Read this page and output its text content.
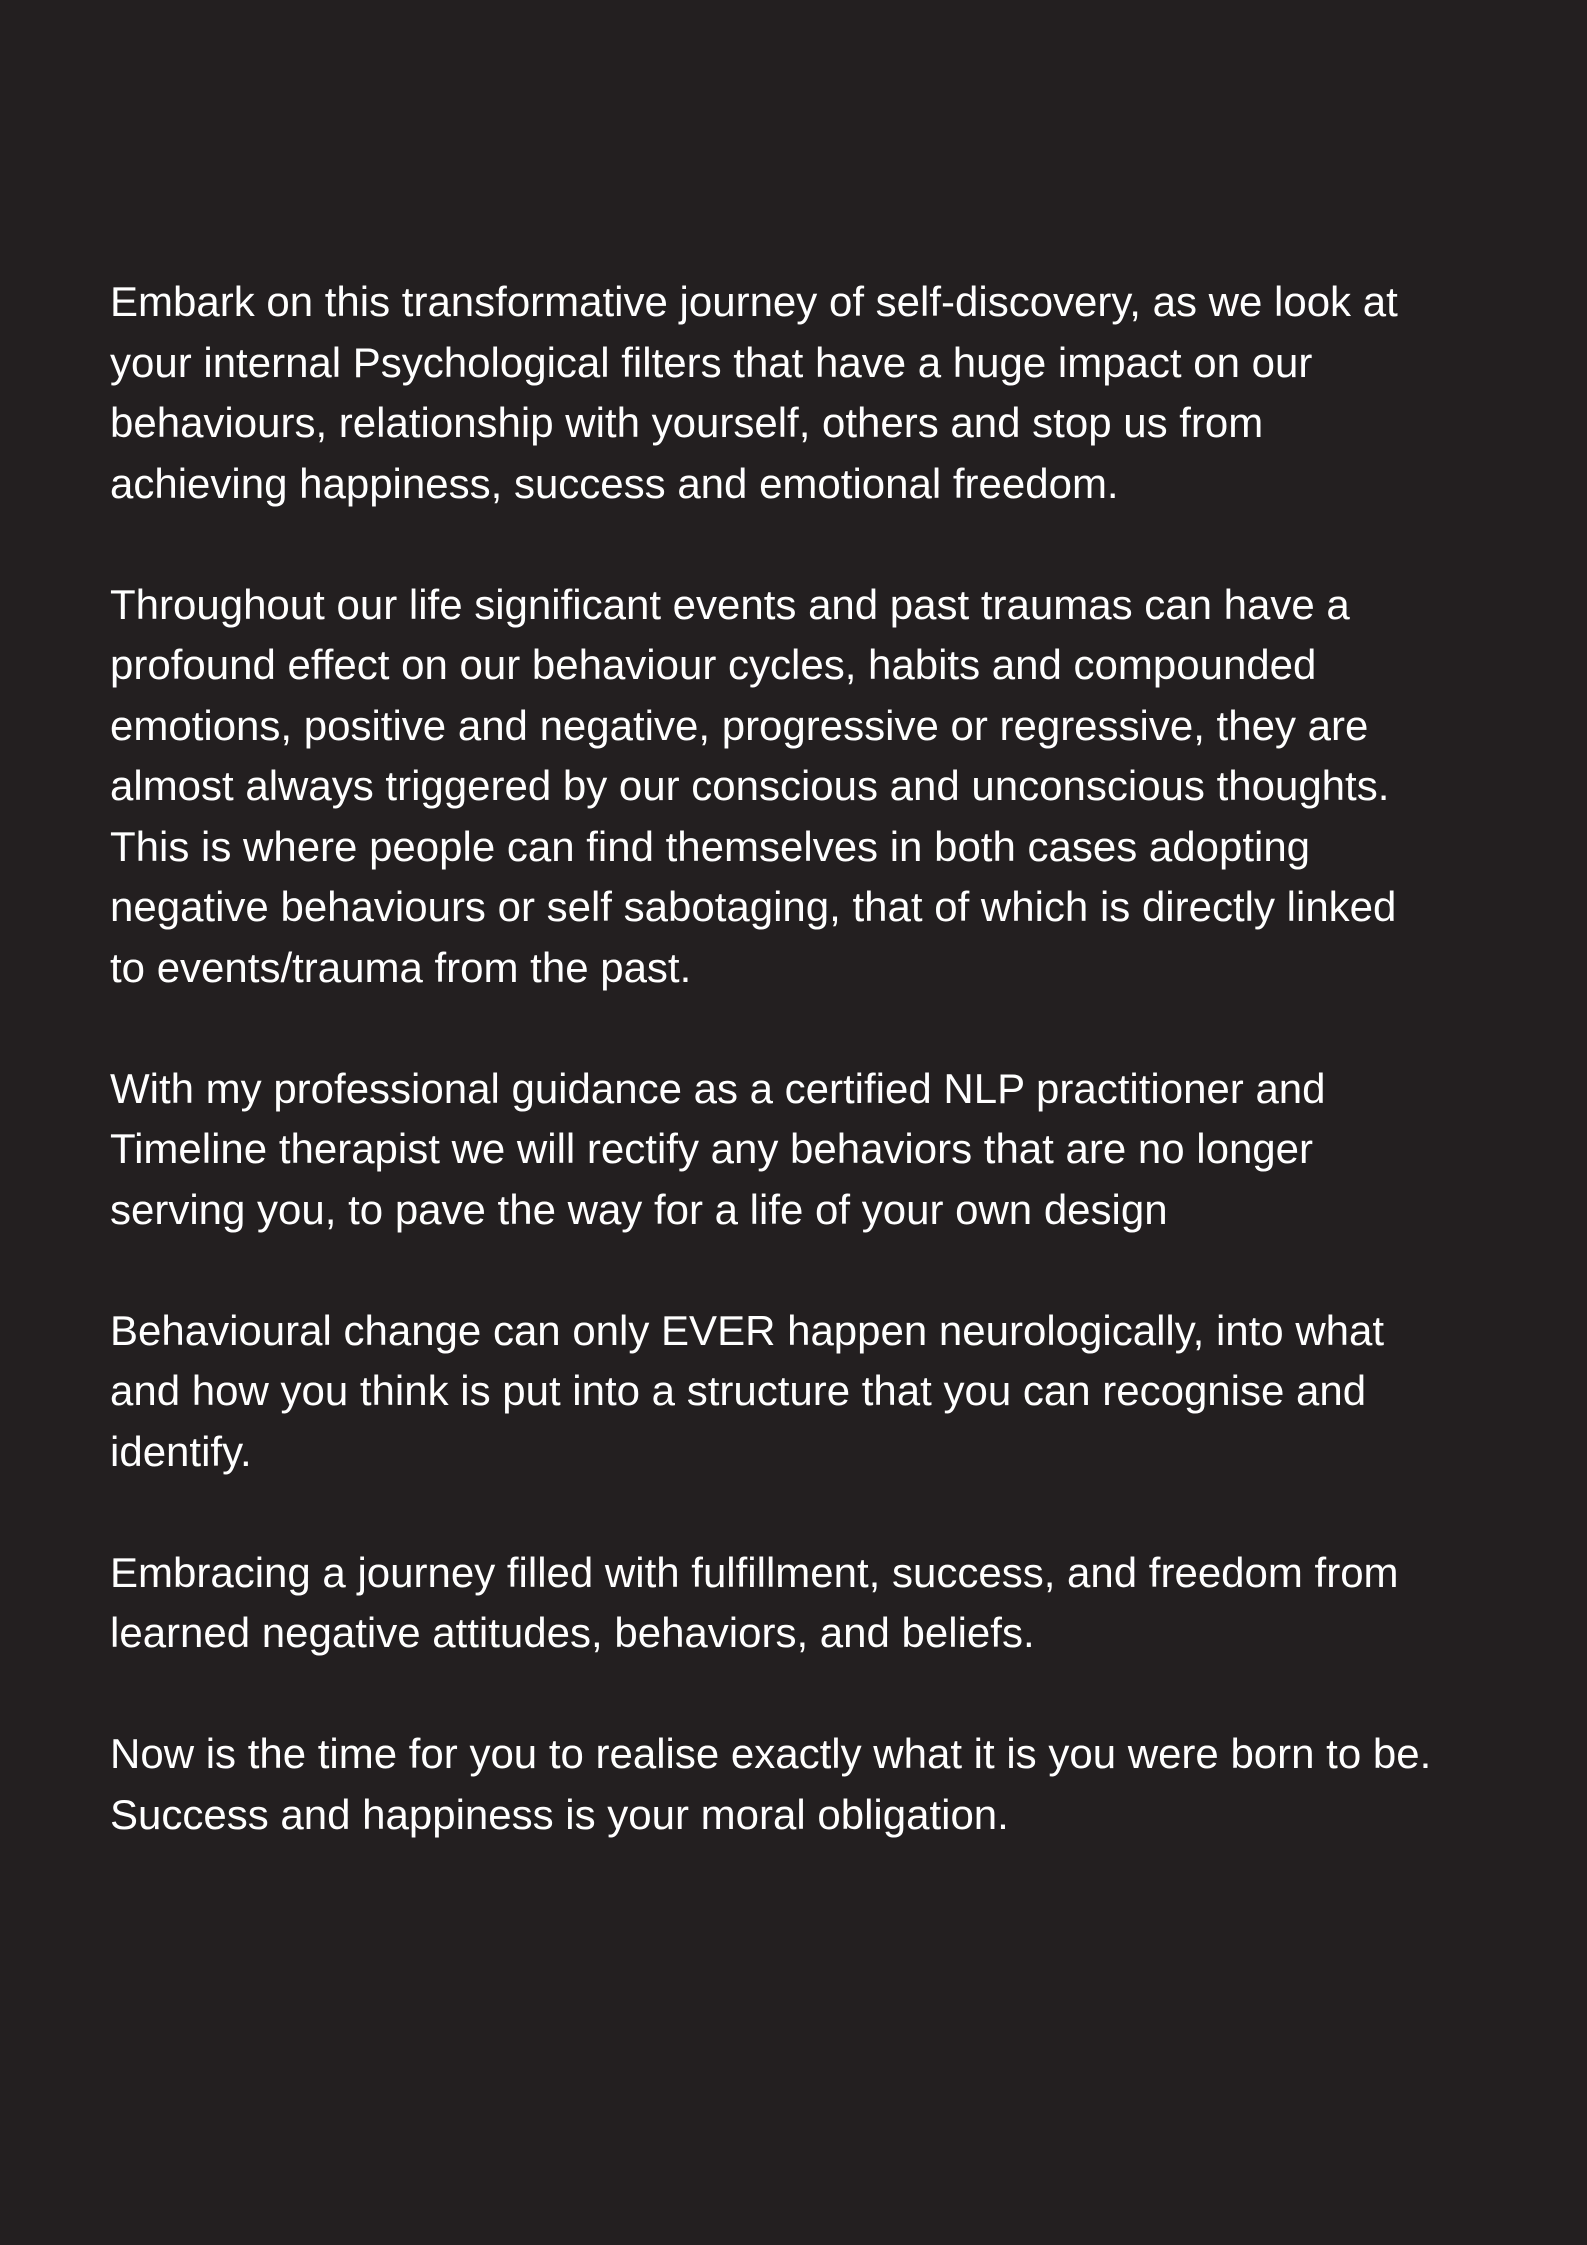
Embark on this transformative journey of self-discovery, as we look at
your internal Psychological filters that have a huge impact on our
behaviours, relationship with yourself, others and stop us from
achieving happiness, success and emotional freedom.

Throughout our life significant events and past traumas can have a
profound effect on our behaviour cycles, habits and compounded
emotions, positive and negative, progressive or regressive, they are
almost always triggered by our conscious and unconscious thoughts.
This is where people can find themselves in both cases adopting
negative behaviours or self sabotaging, that of which is directly linked
to events/trauma from the past.

With my professional guidance as a certified NLP practitioner and
Timeline therapist we will rectify any behaviors that are no longer
serving you, to pave the way for a life of your own design

Behavioural change can only EVER happen neurologically, into what
and how you think is put into a structure that you can recognise and
identify.

Embracing a journey filled with fulfillment, success, and freedom from
learned negative attitudes, behaviors, and beliefs.

Now is the time for you to realise exactly what it is you were born to be.
Success and happiness is your moral obligation.
